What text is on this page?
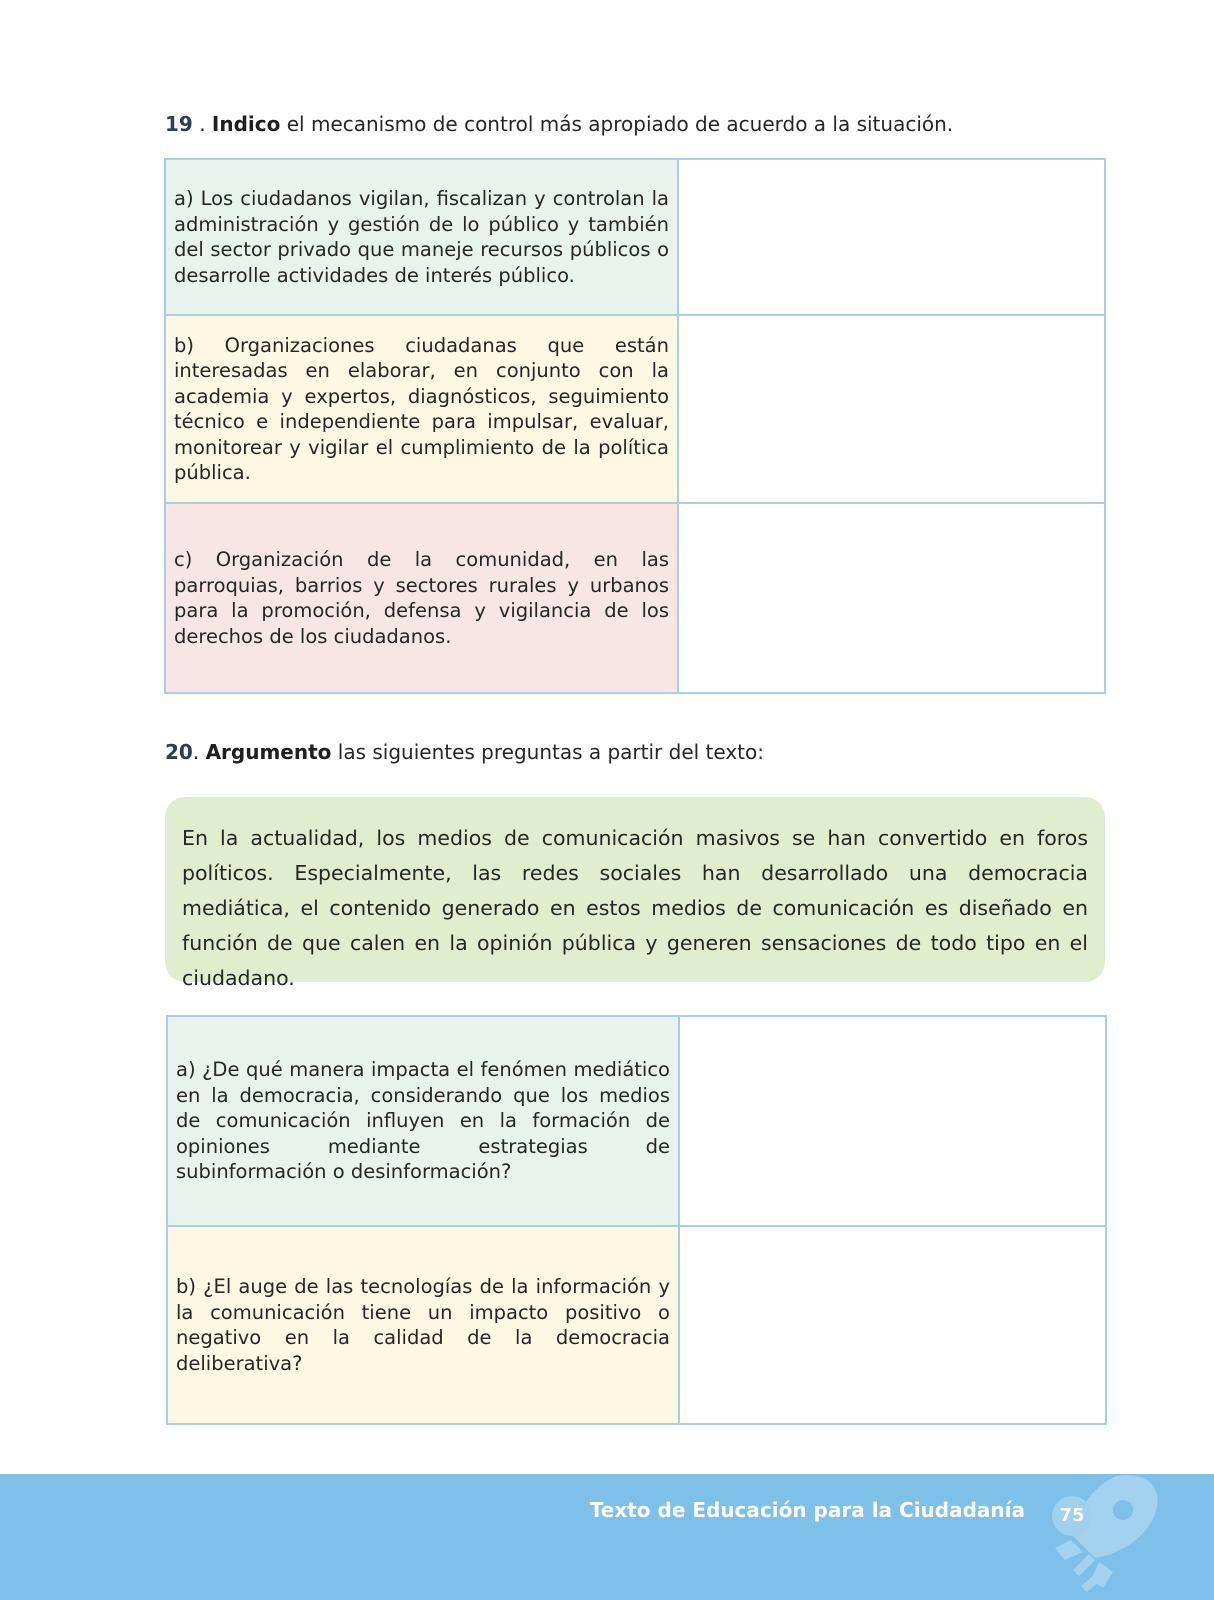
19 . Indico el mecanismo de control más apropiado de acuerdo a la situación.
a) Los ciudadanos vigilan, fiscalizan y controlan la administración y gestión de lo público y también del sector privado que maneje recursos públicos o desarrolle actividades de interés público.	
b) Organizaciones ciudadanas que están interesadas en elaborar, en conjunto con la academia y expertos, diagnósticos, seguimiento técnico e independiente para impulsar, evaluar, monitorear y vigilar el cumplimiento de la política pública.	
c) Organización de la comunidad, en las parroquias, barrios y sectores rurales y urbanos para la promoción, defensa y vigilancia de los derechos de los ciudadanos.	
20. Argumento las siguientes preguntas a partir del texto:
En la actualidad, los medios de comunicación masivos se han convertido en foros políticos. Especialmente, las redes sociales han desarrollado una democracia mediática, el contenido generado en estos medios de comunicación es diseñado en función de que calen en la opinión pública y generen sensaciones de todo tipo en el ciudadano.
a) ¿De qué manera impacta el fenómen mediático en la democracia, considerando que los medios de comunicación influyen en la formación de opiniones mediante estrategias de subinformación o desinformación?	
b) ¿El auge de las tecnologías de la información y la comunicación tiene un impacto positivo o negativo en la calidad de la democracia deliberativa?	
Texto de Educación para la Ciudadanía	75
